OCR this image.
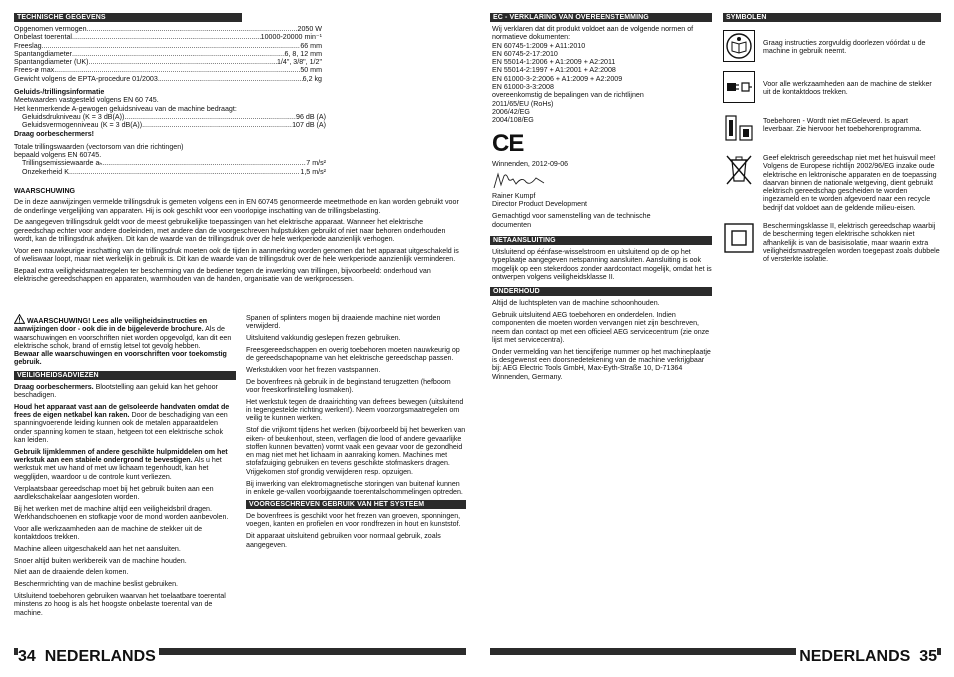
TECHNISCHE GEGEVENS
Opgenomen vermogen .....	2050 W
Onbelast toerental .....	10000-20000 min⁻¹
Freeslag .....	66 mm
Spantangdiameter .....	6, 8, 12 mm
Spantangdiameter (UK) .....	1/4", 3/8", 1/2"
Frees-ø max. .....	50 mm
Gewicht volgens de EPTA-procedure 01/2003 .....	6,2 kg
Geluids-/trillingsinformatie
Meetwaarden vastgesteld volgens EN 60 745.
Het kenmerkende A-gewogen geluidsniveau van de machine bedraagt:
Geluidsdrukniveau (K = 3 dB(A)) .....	96 dB (A)
Geluidsvermogenniveau (K = 3 dB(A)) .....	107 dB (A)
Draag oorbeschermers!
Totale trillingswaarden (vectorsom van drie richtingen)
bepaald volgens EN 60745.
Trillingsemissiewaarde aₕ .....	7 m/s²
Onzekerheid K .....	1,5 m/s²
WAARSCHUWING

De in deze aanwijzingen vermelde trillingsdruk is gemeten volgens een in EN 60745 genormeerde meetmethode en kan worden gebruikt voor de onderlinge vergelijking van apparaten. Hij is ook geschikt voor een voorlopige inschatting van de trillingsbelasting.

De aangegeven trillingsdruk geldt voor de meest gebruikelijke toepassingen van het elektrische apparaat. Wanneer het elektrische gereedschap echter voor andere doeleinden, met andere dan de voorgeschreven hulpstukken gebruikt of niet naar behoren onderhouden wordt, kan de trillingsdruk afwijken. Dit kan de waarde van de trillingsdruk over de hele werkperiode aanzienlijk verhogen.

Voor een nauwkeurige inschatting van de trillingsdruk moeten ook de tijden in aanmerking worden genomen dat het apparaat uitgeschakeld is of weliswaar loopt, maar niet werkelijk in gebruik is. Dit kan de waarde van de trillingsdruk over de hele werkperiode aanzienlijk verminderen.

Bepaal extra veiligheidsmaatregelen ter bescherming van de bediener tegen de inwerking van trillingen, bijvoorbeeld: onderhoud van elektrische gereedschappen en apparaten, warmhouden van de handen, organisatie van de werkprocessen.

WAARSCHUWING! Lees alle veiligheidsinstructies en aanwijzingen door - ook die in de bijgeleverde brochure. Als de waarschuwingen en voorschriften niet worden opgevolgd, kan dit een elektrische schok, brand of ernstig letsel tot gevolg hebben.
Bewaar alle waarschuwingen en voorschriften voor toekomstig gebruik.
VEILIGHEIDSADVIEZEN

Draag oorbeschermers. Blootstelling aan geluid kan het gehoor beschadigen.

Houd het apparaat vast aan de geïsoleerde handvaten omdat de frees de eigen netkabel kan raken. Door de beschadiging van een spanningvoerende leiding kunnen ook de metalen apparaatdelen onder spanning komen te staan, hetgeen tot een elektrische schok kan leiden.

Gebruik lijmklemmen of andere geschikte hulpmiddelen om het werkstuk aan een stabiele ondergrond te bevestigen. Als u het werkstuk met uw hand of met uw lichaam tegenhoudt, kan het wegglijden, waardoor u de controle kunt verliezen.

Verplaatsbaar gereedschap moet bij het gebruik buiten aan een aardlekschakelaar aangesloten worden.

Bij het werken met de machine altijd een veiligheidsbril dragen. Werkhandschoenen en stofkapje voor de mond worden aanbevolen.

Voor alle werkzaamheden aan de machine de stekker uit de kontaktdoos trekken.

Machine alleen uitgeschakeld aan het net aansluiten.

Snoer altijd buiten werkbereik van de machine houden.

Niet aan de draaiende delen komen.

Beschermrichting van de machine beslist gebruiken.

Uitsluitend toebehoren gebruiken waarvan het toelaatbare toerental minstens zo hoog is als het hoogste onbelaste toerental van de machine.

Spanen of splinters mogen bij draaiende machine niet worden verwijderd.

Uitsluitend vakkundig geslepen frezen gebruiken.

Freesgereedschappen en overig toebehoren moeten nauwkeurig op de gereedschapopname van het elektrische gereedschap passen.

Werkstukken voor het frezen vastspannen.

De bovenfrees nà gebruik in de beginstand terugzetten (hefboom voor freeskorfinstelling losmaken).

Het werkstuk tegen de draairichting van defrees bewegen (uitsluitend in tegengestelde richting werken!). Neem voorzorgsmaatregelen om veilig te kunnen werken.

Stof die vrijkomt tijdens het werken (bijvoorbeeld bij het bewerken van eiken- of beukenhout, steen, verflagen die lood of andere gevaarlijke stoffen kunnen bevatten) vormt vaak een gevaar voor de gezondheid en mag niet met het lichaam in aanraking komen. Machines met stofafzuiging gebruiken en tevens geschikte stofmaskers dragen. Vrijgekomen stof grondig verwijderen resp. opzuigen.

Bij inwerking van elektromagnetische storingen van buitenaf kunnen in enkele ge-vallen voorbijgaande toerentalschommelingen optreden.

VOORGESCHREVEN GEBRUIK VAN HET SYSTEEM

De bovenfrees is geschikt voor het frezen van groeven, sponningen, voegen, kanten en profielen en voor rondfrezen in hout en kunststof.

Dit apparaat uitsluitend gebruiken voor normaal gebruik, zoals aangegeven.

EC - VERKLARING VAN OVEREENSTEMMING
Wij verklaren dat dit produkt voldoet aan de volgende normen of normatieve dokumenten:
EN 60745-1:2009 + A11:2010
EN 60745-2-17:2010
EN 55014-1:2006 + A1:2009 + A2:2011
EN 55014-2:1997 + A1:2001 + A2:2008
EN 61000-3-2:2006 + A1:2009 + A2:2009
EN 61000-3-3:2008
overeenkomstig de bepalingen van de richtlijnen
2011/65/EU (RoHs)
2006/42/EG
2004/108/EG
CE
Winnenden, 2012-09-06
Rainer Kumpf
Director Product Development
Gemachtigd voor samenstelling van de technische documenten
NETAANSLUITING

Uitsluitend op éénfase-wisselstroom en uitsluitend op de op het typeplaatje aangegeven netspanning aansluiten. Aansluiting is ook mogelijk op een stekerdoos zonder aardcontact mogelijk, omdat het is ontwerpen volgens veiligheidsklasse II.

ONDERHOUD

Altijd de luchtspleten van de machine schoonhouden.

Gebruik uitsluitend AEG toebehoren en onderdelen. Indien componenten die moeten worden vervangen niet zijn beschreven, neem dan contact op met een officieel AEG servicecentrum (zie onze lijst met servicecentra).

Onder vermelding van het tiencijferige nummer op het machineplaatje is desgewenst een doorsnedetekening van de machine verkrijgbaar bij: AEG Electric Tools GmbH, Max-Eyth-Straße 10, D-71364 Winnenden, Germany.

SYMBOLEN
Graag instructies zorgvuldig doorlezen vóórdat u de machine in gebruik neemt.
Voor alle werkzaamheden aan de machine de stekker uit de kontaktdoos trekken.
Toebehoren - Wordt niet mEGeleverd. Is apart leverbaar. Zie hiervoor het toebehorenprogramma.
Geef elektrisch gereedschap niet met het huisvuil mee! Volgens de Europese richtlijn 2002/96/EG inzake oude elektrische en lektronische apparaten en de toepassing daarvan binnen de nationale wetgeving, dient gebruikt elektrisch gereedschap gescheiden te worden ingezameld en te worden afgevoerd naar een recycle bedrijf dat voldoet aan de geldende milieu-eisen.
Beschermingsklasse II, elektrisch gereedschap waarbij de bescherming tegen elektrische schokken niet afhankelijk is van de basisisolatie, maar waarin extra veiligheidsmaatregelen worden toegepast zoals dubbele of versterkte isolatie.
34 NEDERLANDS	NEDERLANDS 35
